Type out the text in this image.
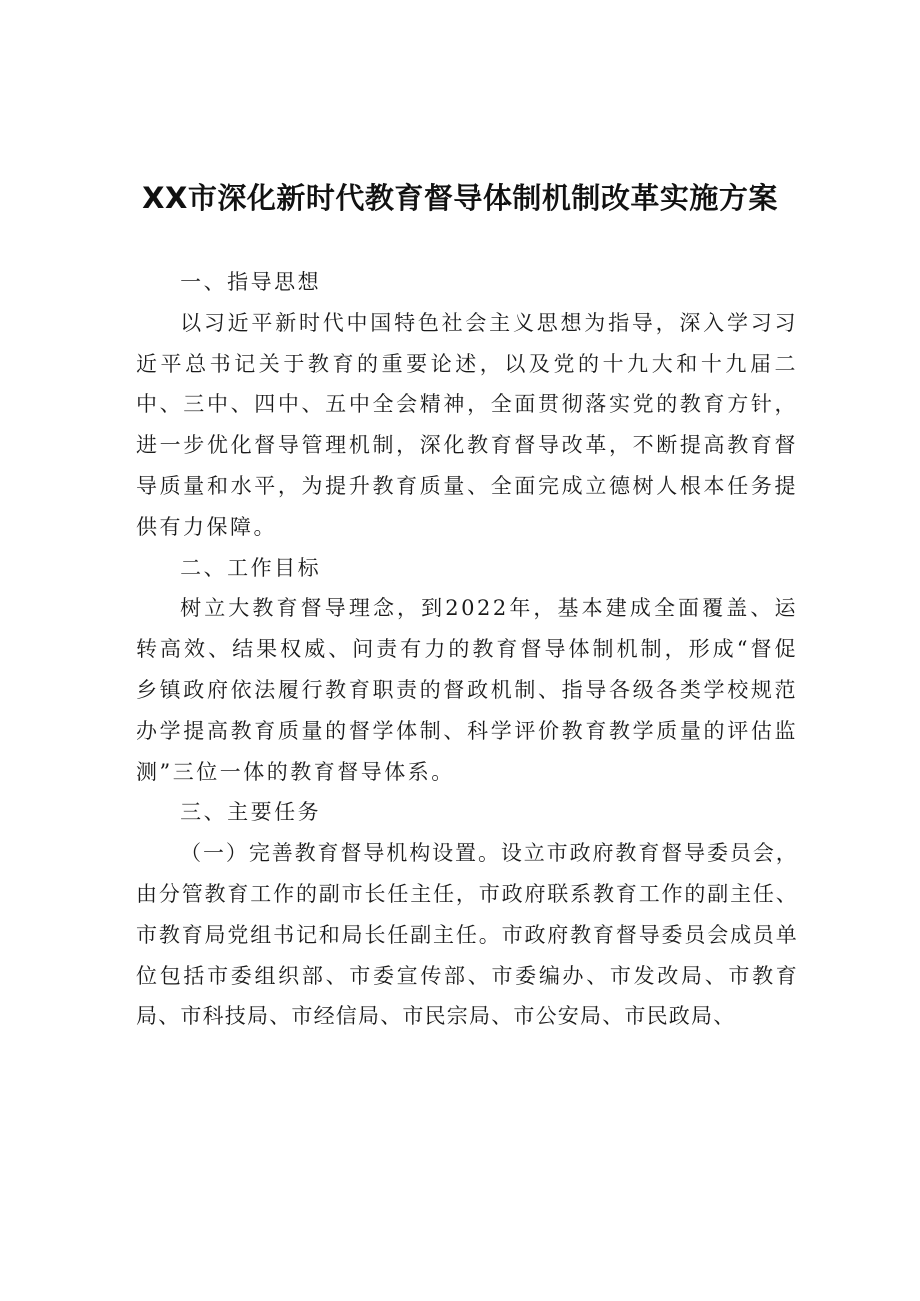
XX市深化新时代教育督导体制机制改革实施方案

一、指导思想

以习近平新时代中国特色社会主义思想为指导，深入学习习近平总书记关于教育的重要论述，以及党的十九大和十九届二中、三中、四中、五中全会精神，全面贯彻落实党的教育方针，进一步优化督导管理机制，深化教育督导改革，不断提高教育督导质量和水平，为提升教育质量、全面完成立德树人根本任务提供有力保障。

二、工作目标

树立大教育督导理念，到2022年，基本建成全面覆盖、运转高效、结果权威、问责有力的教育督导体制机制，形成“督促乡镇政府依法履行教育职责的督政机制、指导各级各类学校规范办学提高教育质量的督学体制、科学评价教育教学质量的评估监测”三位一体的教育督导体系。

三、主要任务

（一）完善教育督导机构设置。设立市政府教育督导委员会，由分管教育工作的副市长任主任，市政府联系教育工作的副主任、市教育局党组书记和局长任副主任。市政府教育督导委员会成员单位包括市委组织部、市委宣传部、市委编办、市发改局、市教育局、市科技局、市经信局、市民宗局、市公安局、市民政局、
